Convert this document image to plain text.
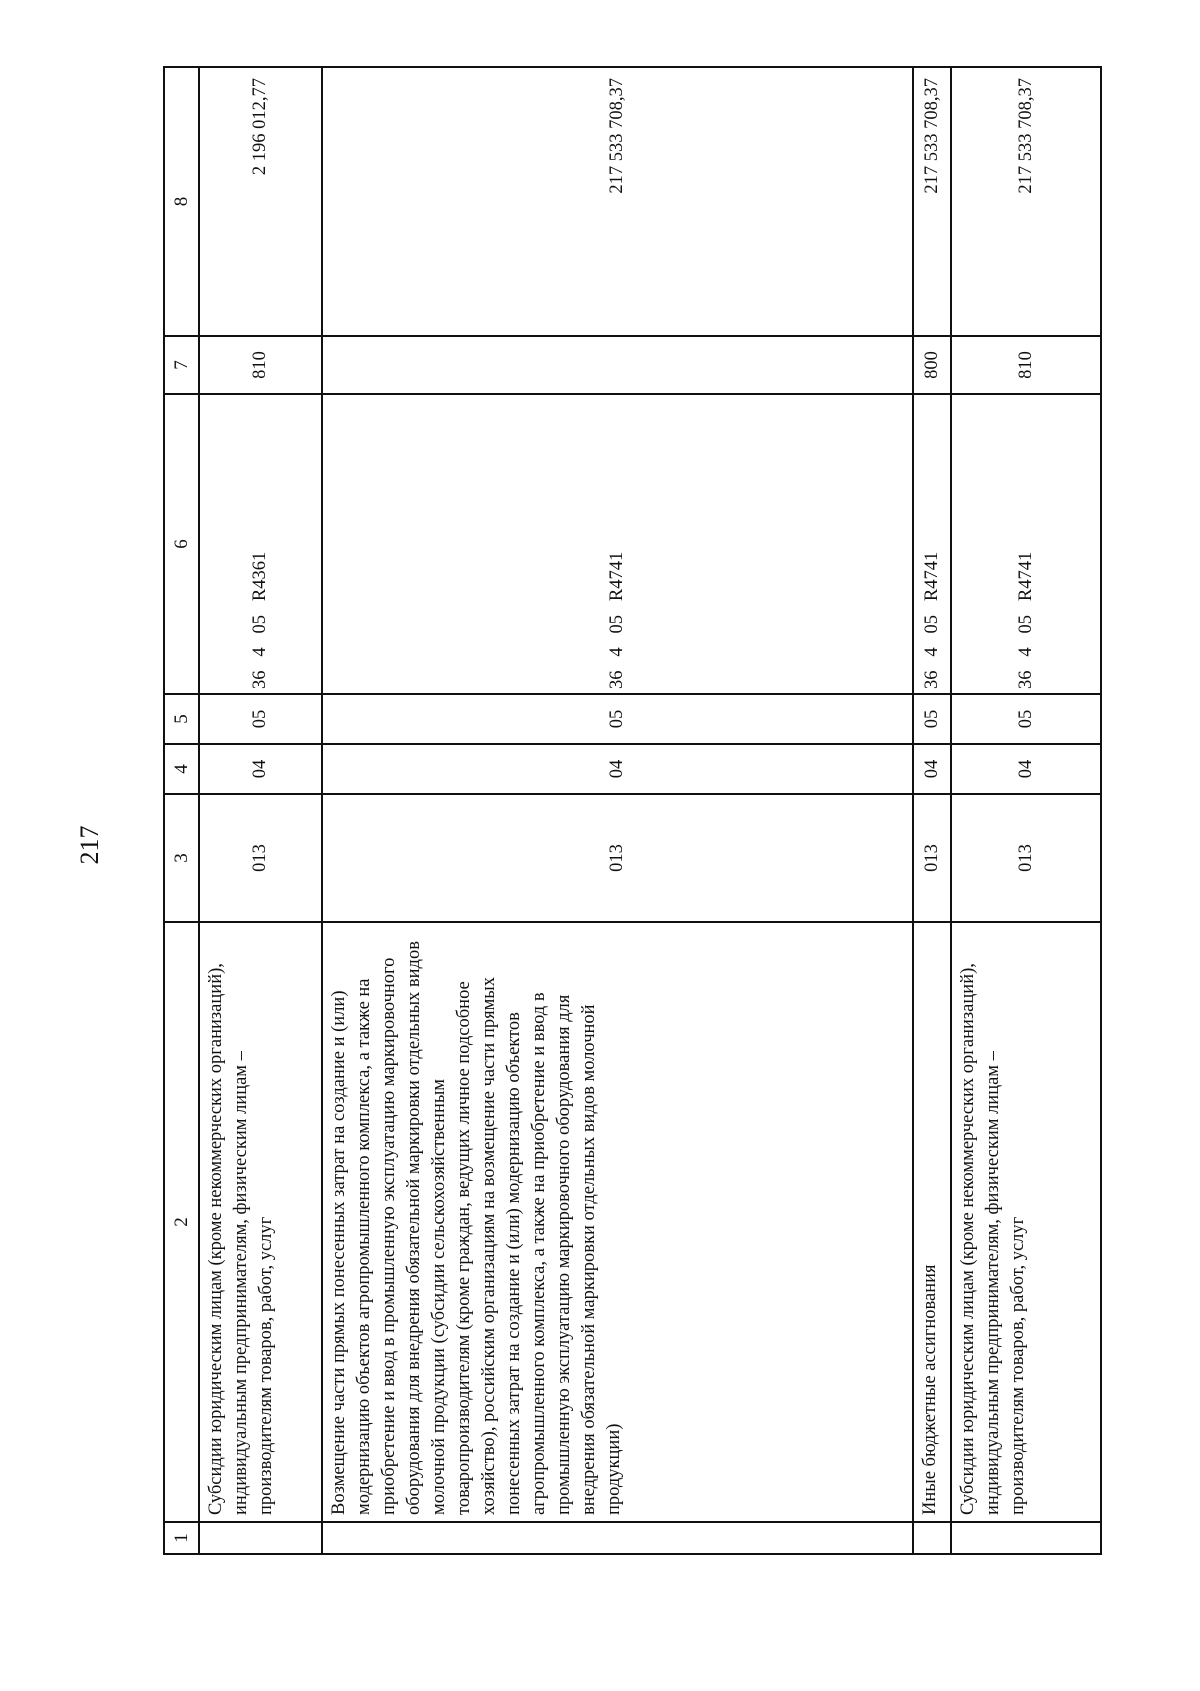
217
1	2	3	4	5	6	7	8
	Субсидии юридическим лицам (кроме некоммерческих организаций), индивидуальным предпринимателям, физическим лицам – производителям товаров, работ, услуг	013	04	05	36   4   05   R4361	810	2 196 012,77
	Возмещение части прямых понесенных затрат на создание и (или) модернизацию объектов агропромышленного комплекса, а также на приобретение и ввод в промышленную эксплуатацию маркировочного оборудования для внедрения обязательной маркировки отдельных видов молочной продукции (субсидии сельскохозяйственным товаропроизводителям (кроме граждан, ведущих личное подсобное хозяйство), российским организациям на возмещение части прямых понесенных затрат на создание и (или) модернизацию объектов агропромышленного комплекса, а также на приобретение и ввод в промышленную эксплуатацию маркировочного оборудования для внедрения обязательной маркировки отдельных видов молочной продукции)	013	04	05	36   4   05   R4741		217 533 708,37
	Иные бюджетные ассигнования	013	04	05	36   4   05   R4741	800	217 533 708,37
	Субсидии юридическим лицам (кроме некоммерческих организаций), индивидуальным предпринимателям, физическим лицам – производителям товаров, работ, услуг	013	04	05	36   4   05   R4741	810	217 533 708,37
